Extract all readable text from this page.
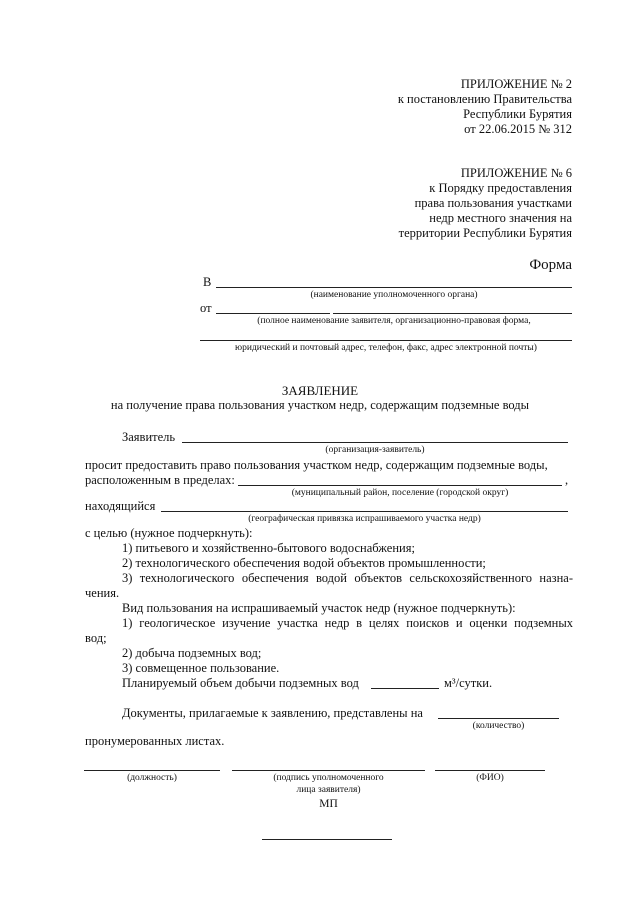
ПРИЛОЖЕНИЕ № 2
к постановлению Правительства
Республики Бурятия
от 22.06.2015 № 312
ПРИЛОЖЕНИЕ № 6
к Порядку предоставления
права пользования участками
недр местного значения на
территории Республики Бурятия
Форма
В
(наименование уполномоченного органа)
от
(полное наименование заявителя, организационно-правовая форма,
юридический и почтовый адрес, телефон, факс, адрес электронной почты)
ЗАЯВЛЕНИЕ
на получение права пользования участком недр, содержащим подземные воды
Заявитель
(организация-заявитель)
просит предоставить право пользования участком недр, содержащим подземные воды,
расположенным в пределах:	,
(муниципальный район, поселение (городской округ)
находящийся
(географическая привязка испрашиваемого участка недр)
с целью (нужное подчеркнуть):
1) питьевого и хозяйственно-бытового водоснабжения;
2) технологического обеспечения водой объектов промышленности;
3) технологического обеспечения водой объектов сельскохозяйственного назна-
чения.
Вид пользования на испрашиваемый участок недр (нужное подчеркнуть):
1) геологическое изучение участка недр в целях поисков и оценки подземных
вод;
2) добыча подземных вод;
3) совмещенное пользование.
Планируемый объем добычи подземных вод	м³/сутки.
Документы, прилагаемые к заявлению, представлены на
(количество)
пронумерованных листах.
(должность)	(подпись уполномоченного
лица заявителя)
(ФИО)
МП
